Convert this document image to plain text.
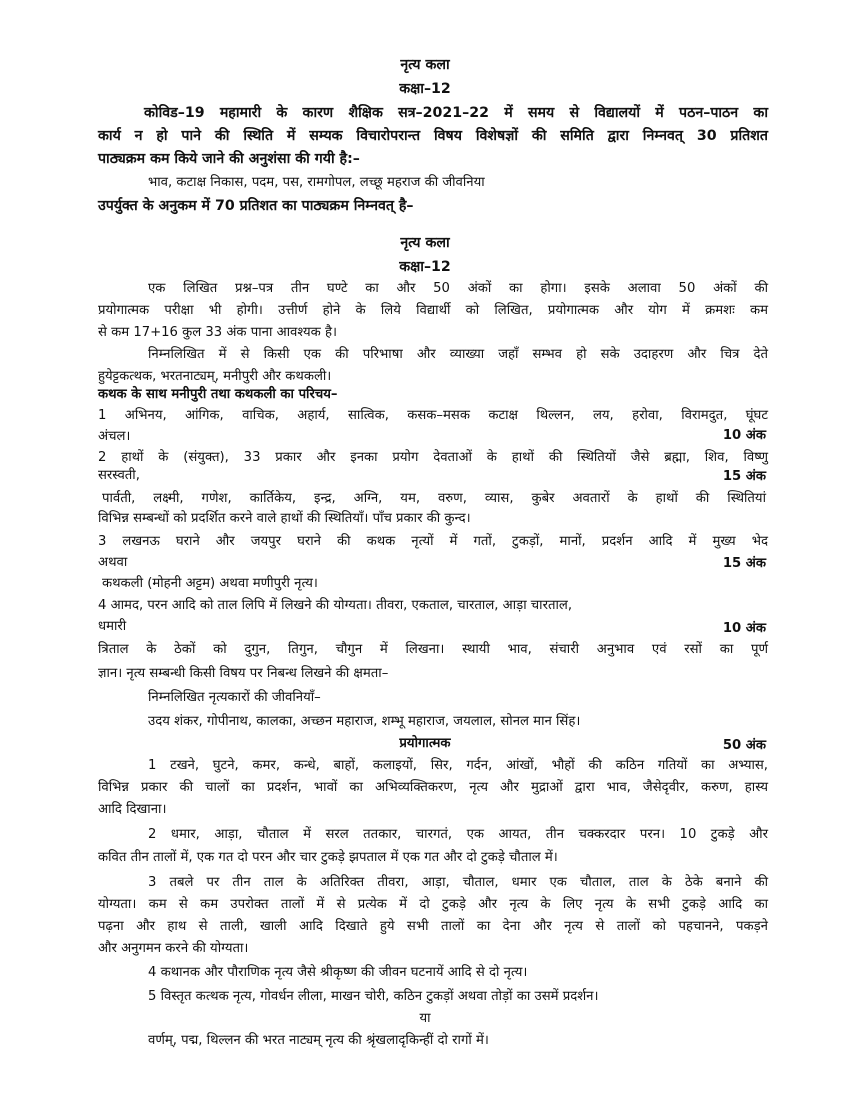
नृत्य कला
कक्षा–12
कोविड–19 महामारी के कारण शैक्षिक सत्र–2021–22 में समय से विद्यालयों में पठन–पाठन का
कार्य न हो पाने की स्थिति में सम्यक विचारोपरान्त विषय विशेषज्ञों की समिति द्वारा निम्नवत् 30 प्रतिशत
पाठ्यक्रम कम किये जाने की अनुशंसा की गयी है:–
भाव, कटाक्ष निकास, पदम, पस, रामगोपल, लच्छू महराज की जीवनिया
उपर्युक्त के अनुकम में 70 प्रतिशत का पाठ्यक्रम निम्नवत् है–
नृत्य कला
कक्षा–12
एक लिखित प्रश्न–पत्र तीन घण्टे का और 50 अंकों का होगा। इसके अलावा 50 अंकों की
प्रयोगात्मक परीक्षा भी होगी। उत्तीर्ण होने के लिये विद्यार्थी को लिखित, प्रयोगात्मक और योग में क्रमशः कम
से कम 17+16 कुल 33 अंक पाना आवश्यक है।
निम्नलिखित में से किसी एक की परिभाषा और व्याख्या जहाँ सम्भव हो सके उदाहरण और चित्र देते
हुयेट्टकत्थक, भरतनाट्यम्, मनीपुरी और कथकली।
कथक के साथ मनीपुरी तथा कथकली का परिचय–
1 अभिनय, आंगिक, वाचिक, अहार्य, सात्विक, कसक–मसक कटाक्ष थिल्लन, लय, हरोवा, विरामदुत, घूंघट
अंचल।	10 अंक
2 हाथों के (संयुक्त), 33 प्रकार और इनका प्रयोग देवताओं के हाथों की स्थितियों जैसे ब्रह्मा, शिव, विष्णु
सरस्वती,	15 अंक
पार्वती, लक्ष्मी, गणेश, कार्तिकेय, इन्द्र, अग्नि, यम, वरुण, व्यास, कुबेर अवतारों के हाथों की स्थितियां
विभिन्न सम्बन्धों को प्रदर्शित करने वाले हाथों की स्थितियाँ। पाँच प्रकार की कुन्द।
3 लखनऊ घराने और जयपुर घराने की कथक नृत्यों में गतों, टुकड़ों, मानों, प्रदर्शन आदि में मुख्य भेद
अथवा	15 अंक
कथकली (मोहनी अट्टम) अथवा मणीपुरी नृत्य।
4 आमद, परन आदि को ताल लिपि में लिखने की योग्यता। तीवरा, एकताल, चारताल, आड़ा चारताल,
धमारी	10 अंक
त्रिताल के ठेकों को दुगुन, तिगुन, चौगुन में लिखना। स्थायी भाव, संचारी अनुभाव एवं रसों का पूर्ण
ज्ञान। नृत्य सम्बन्धी किसी विषय पर निबन्ध लिखने की क्षमता–
निम्नलिखित नृत्यकारों की जीवनियाँ–
उदय शंकर, गोपीनाथ, कालका, अच्छन महाराज, शम्भू महाराज, जयलाल, सोनल मान सिंह।
प्रयोगात्मक	50 अंक
1 टखने, घुटने, कमर, कन्धे, बाहों, कलाइयों, सिर, गर्दन, आंखों, भौहों की कठिन गतियों का अभ्यास,
विभिन्न प्रकार की चालों का प्रदर्शन, भावों का अभिव्यक्तिकरण, नृत्य और मुद्राओं द्वारा भाव, जैसेदृवीर, करुण, हास्य
आदि दिखाना।
2 धमार, आड़ा, चौताल में सरल ततकार, चारगतं, एक आयत, तीन चक्करदार परन। 10 टुकड़े और
कवित तीन तालों में, एक गत दो परन और चार टुकड़े झपताल में एक गत और दो टुकड़े चौताल में।
3 तबले पर तीन ताल के अतिरिक्त तीवरा, आड़ा, चौताल, धमार एक चौताल, ताल के ठेके बनाने की
योग्यता। कम से कम उपरोक्त तालों में से प्रत्येक में दो टुकड़े और नृत्य के लिए नृत्य के सभी टुकड़े आदि का
पढ़ना और हाथ से ताली, खाली आदि दिखाते हुये सभी तालों का देना और नृत्य से तालों को पहचानने, पकड़ने
और अनुगमन करने की योग्यता।
4 कथानक और पौराणिक नृत्य जैसे श्रीकृष्ण की जीवन घटनायें आदि से दो नृत्य।
5 विस्तृत कत्थक नृत्य, गोवर्धन लीला, माखन चोरी, कठिन टुकड़ों अथवा तोड़ों का उसमें प्रदर्शन।
या
वर्णम्, पद्म, थिल्लन की भरत नाट्यम् नृत्य की श्रृंखलादृकिन्हीं दो रागों में।
